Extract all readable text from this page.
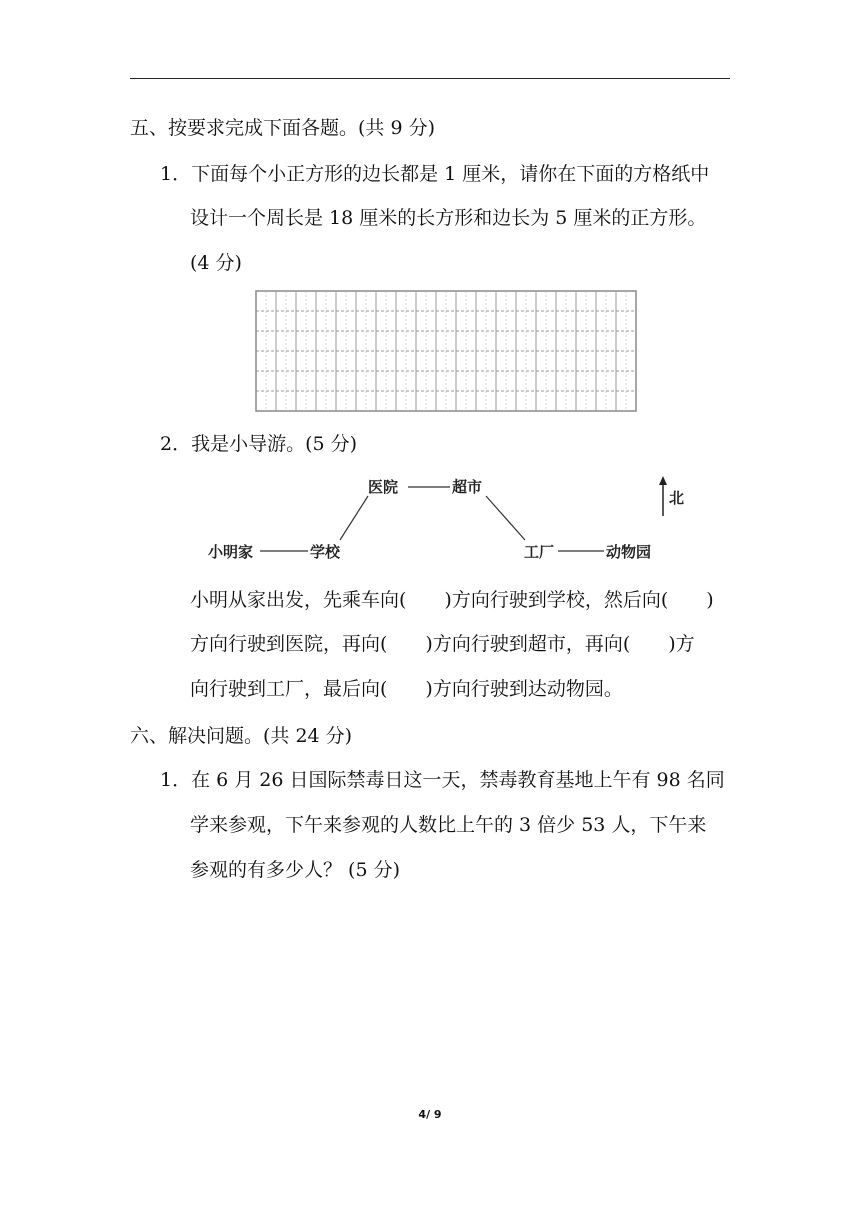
五、按要求完成下面各题。(共 9 分)
1．下面每个小正方形的边长都是 1 厘米，请你在下面的方格纸中
设计一个周长是 18 厘米的长方形和边长为 5 厘米的正方形。
(4 分)
2．我是小导游。(5 分)
医院	超市
小明家	学校	工厂	动物园
北
小明从家出发，先乘车向(　　)方向行驶到学校，然后向(　　)
方向行驶到医院，再向(　　)方向行驶到超市，再向(　　)方
向行驶到工厂，最后向(　　)方向行驶到达动物园。
六、解决问题。(共 24 分)
1．在 6 月 26 日国际禁毒日这一天，禁毒教育基地上午有 98 名同
学来参观，下午来参观的人数比上午的 3 倍少 53 人，下午来
参观的有多少人？ (5 分)
4/ 9
